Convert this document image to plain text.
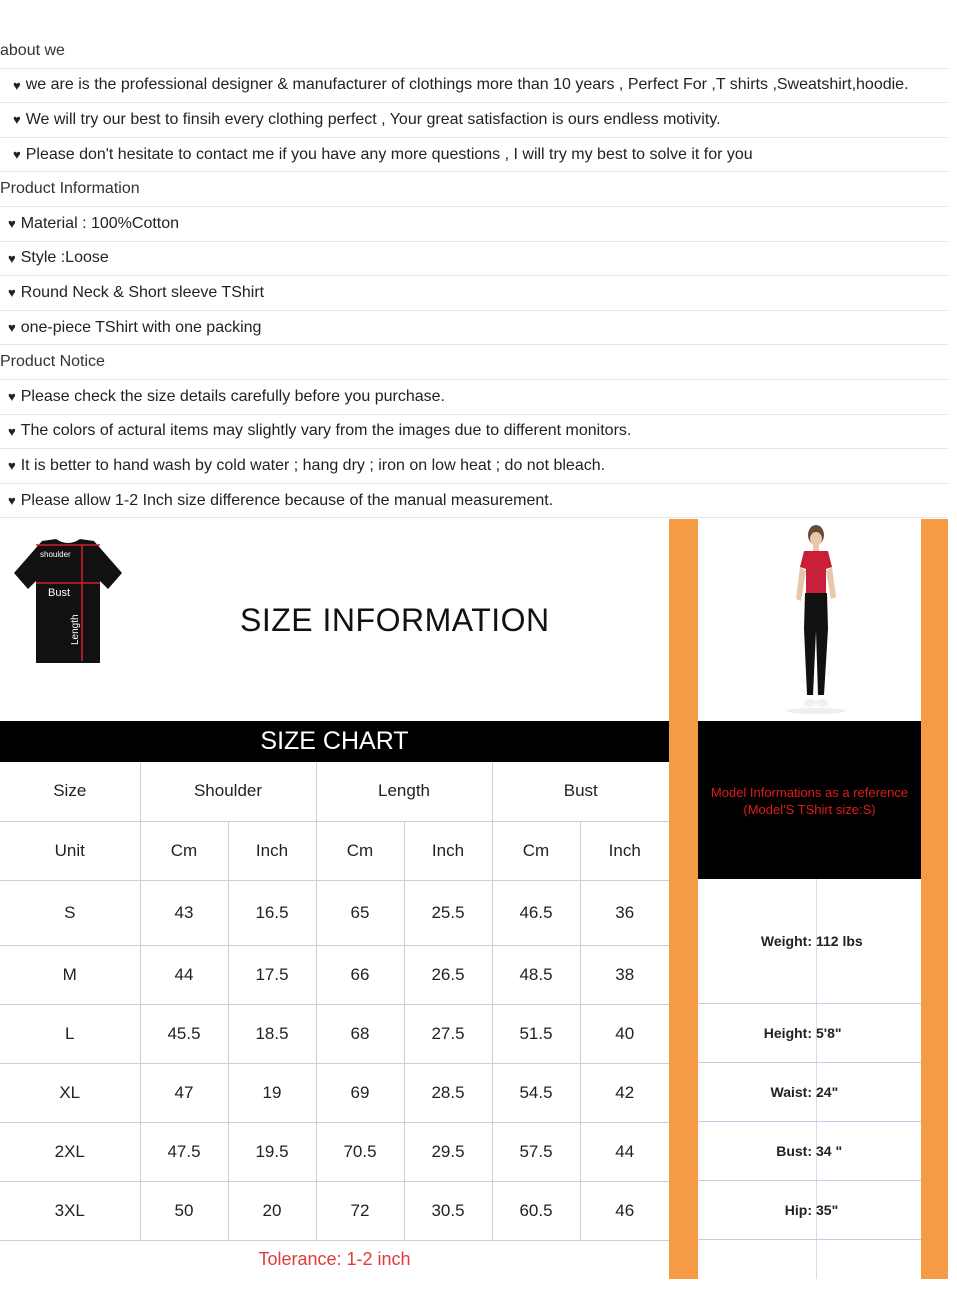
about we
♥ we are is the professional designer & manufacturer of clothings more than 10 years , Perfect For ,T shirts ,Sweatshirt,hoodie.
♥ We will try our best to finsih every clothing perfect , Your great satisfaction is ours endless motivity.
♥ Please don't hesitate to contact me if you have any more questions , I will try my best to solve it for you
Product Information
♥ Material : 100%Cotton
♥ Style :Loose
♥ Round Neck & Short sleeve TShirt
♥ one-piece TShirt with one packing
Product Notice
♥ Please check the size details carefully before you purchase.
♥ The colors of actural items may slightly vary from the images due to different monitors.
♥ It is better to hand wash by cold water ; hang dry ; iron on low heat ; do not bleach.
♥ Please allow 1-2 Inch size difference because of the manual measurement.
shoulder
Bust
Length	SIZE INFORMATION
SIZE CHART
Size	Shoulder		Length		Bust	
Unit	Cm	Inch	Cm	Inch	Cm	Inch
S	43	16.5	65	25.5	46.5	36
M	44	17.5	66	26.5	48.5	38
L	45.5	18.5	68	27.5	51.5	40
XL	47	19	69	28.5	54.5	42
2XL	47.5	19.5	70.5	29.5	57.5	44
3XL	50	20	72	30.5	60.5	46
Tolerance: 1-2 inch
Model Informations as a reference
(Model'S TShirt size:S)
Weight: 112 lbs
Height: 5'8"
Waist: 24"
Bust: 34 "
Hip: 35"
